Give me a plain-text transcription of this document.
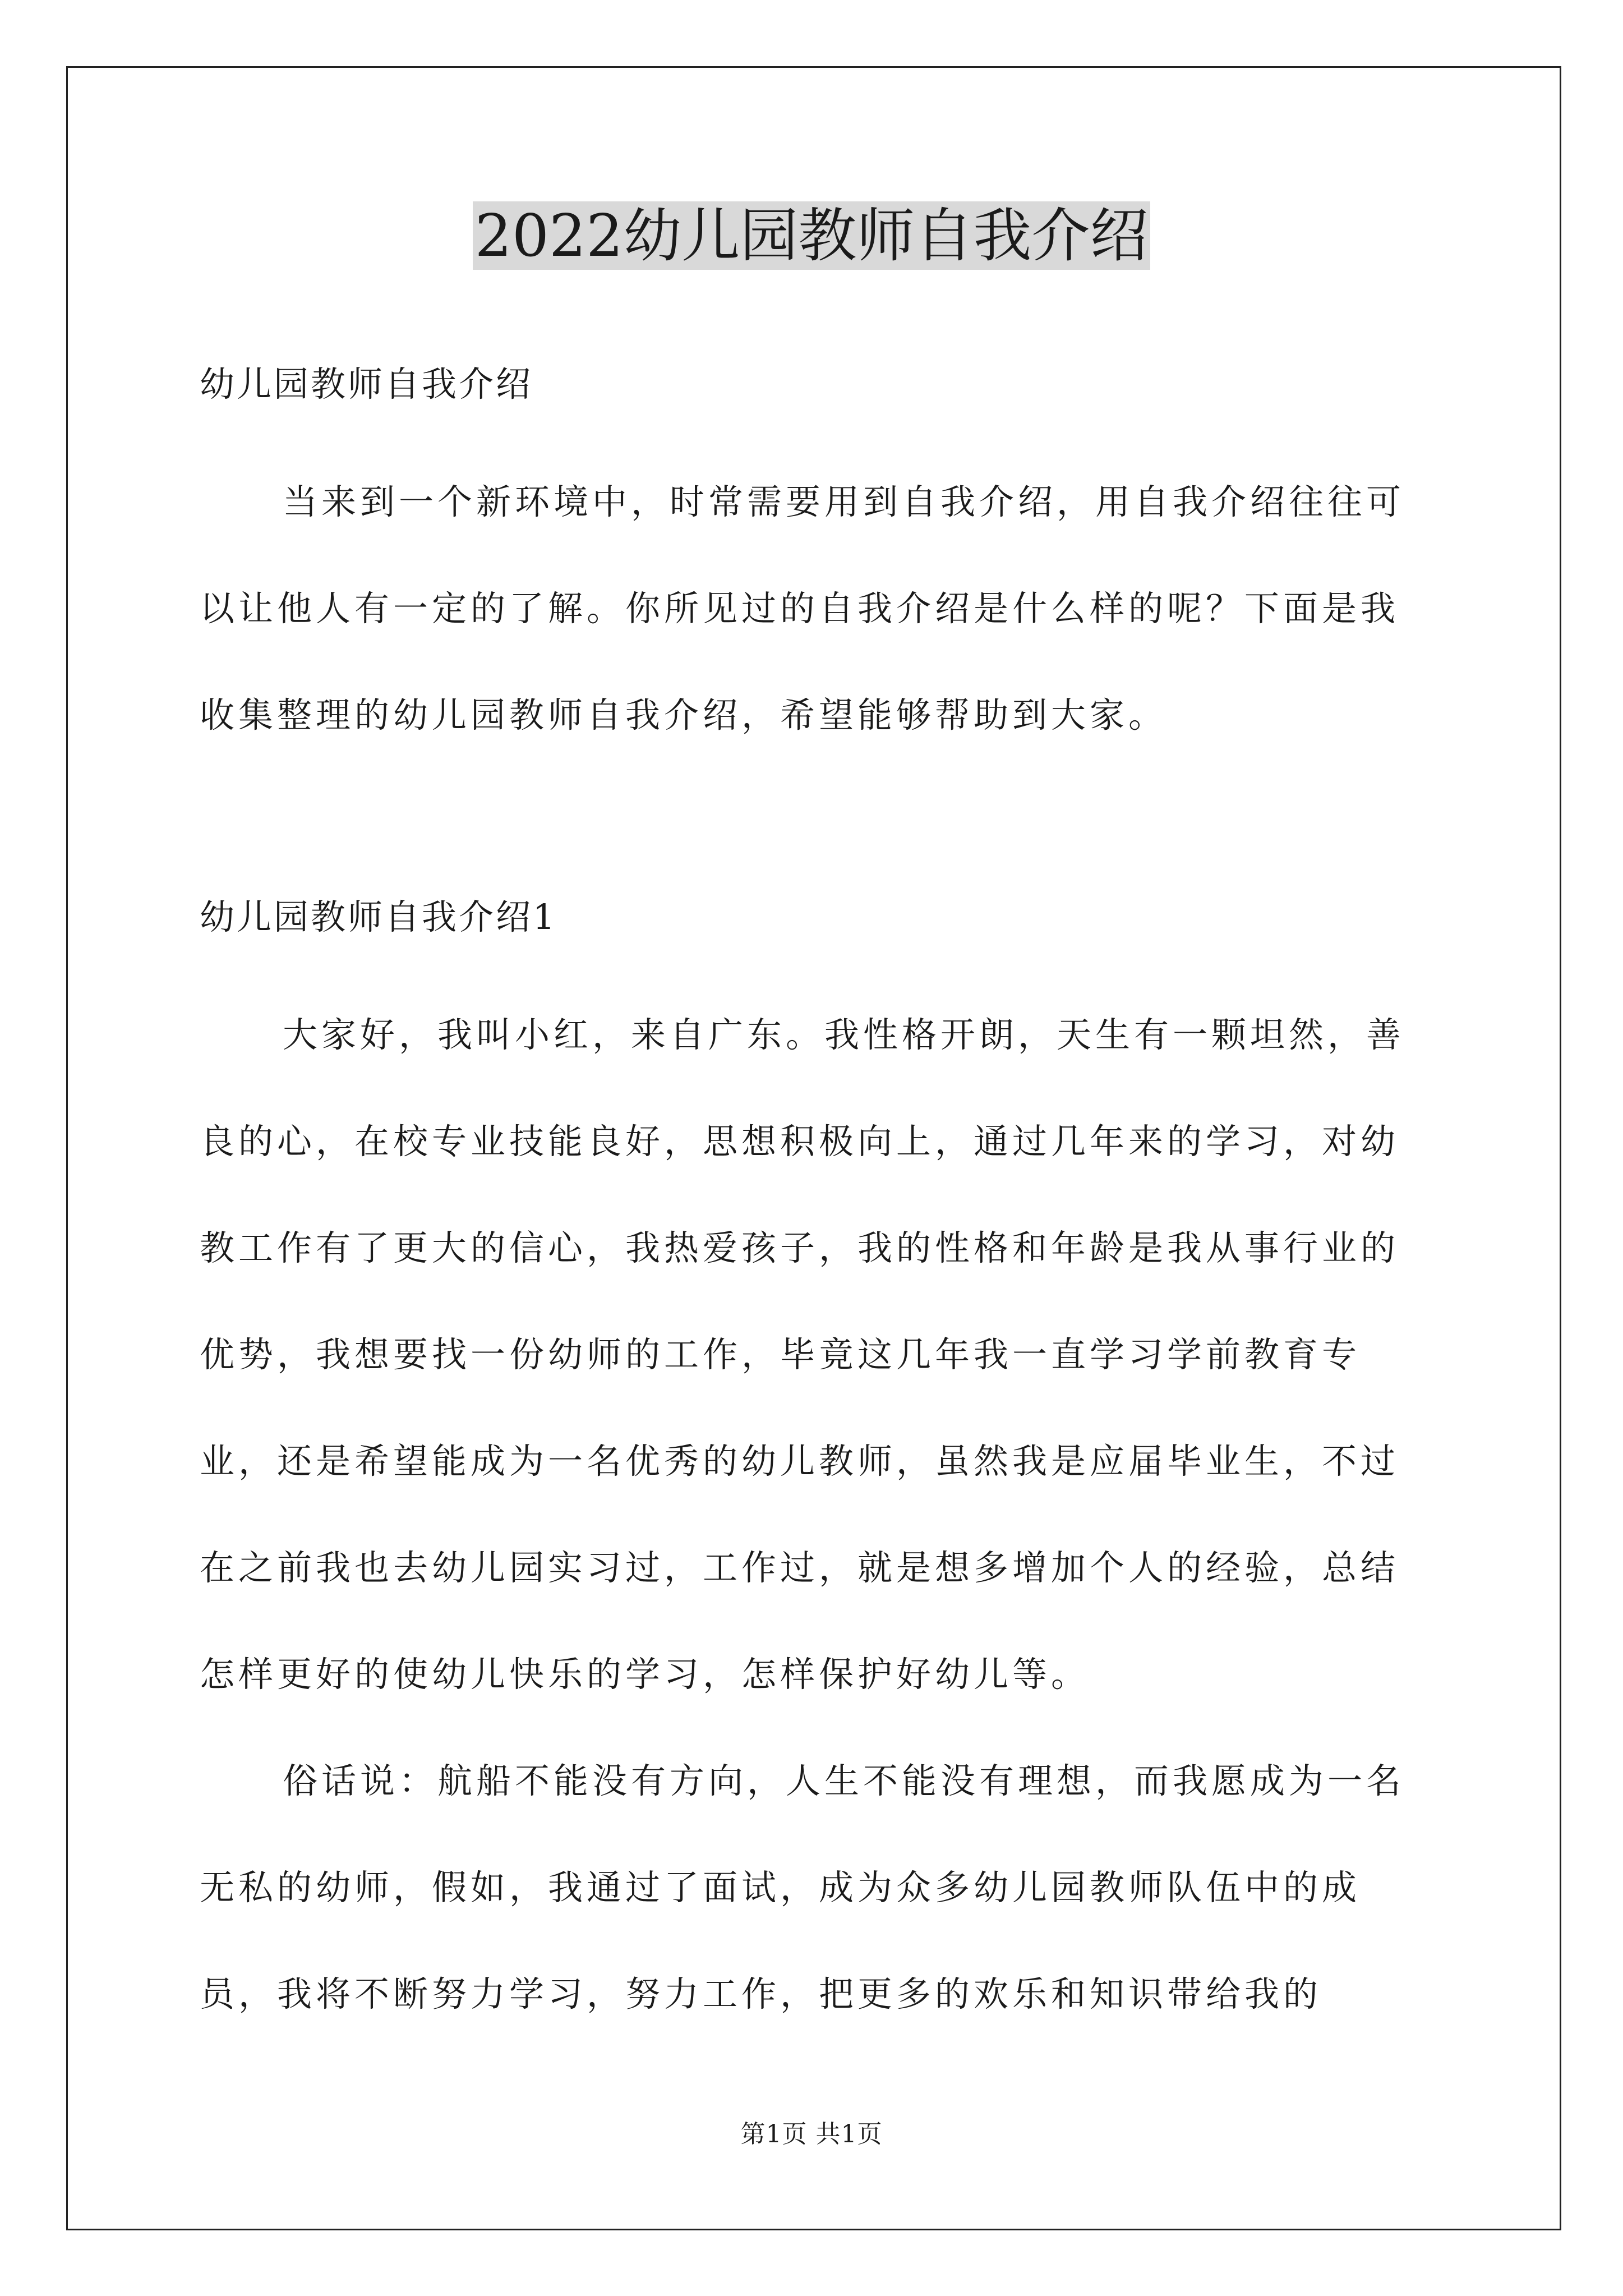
2022幼儿园教师自我介绍
幼儿园教师自我介绍

当来到一个新环境中，时常需要用到自我介绍，用自我介绍往往可以让他人有一定的了解。你所见过的自我介绍是什么样的呢？下面是我收集整理的幼儿园教师自我介绍，希望能够帮助到大家。

幼儿园教师自我介绍1

大家好，我叫小红，来自广东。我性格开朗，天生有一颗坦然，善良的心，在校专业技能良好，思想积极向上，通过几年来的学习，对幼教工作有了更大的信心，我热爱孩子，我的性格和年龄是我从事行业的优势，我想要找一份幼师的工作，毕竟这几年我一直学习学前教育专业，还是希望能成为一名优秀的幼儿教师，虽然我是应届毕业生，不过在之前我也去幼儿园实习过，工作过，就是想多增加个人的经验，总结怎样更好的使幼儿快乐的学习，怎样保护好幼儿等。

俗话说：航船不能没有方向，人生不能没有理想，而我愿成为一名无私的幼师，假如，我通过了面试，成为众多幼儿园教师队伍中的成员，我将不断努力学习，努力工作，把更多的欢乐和知识带给我的

第1页 共1页
